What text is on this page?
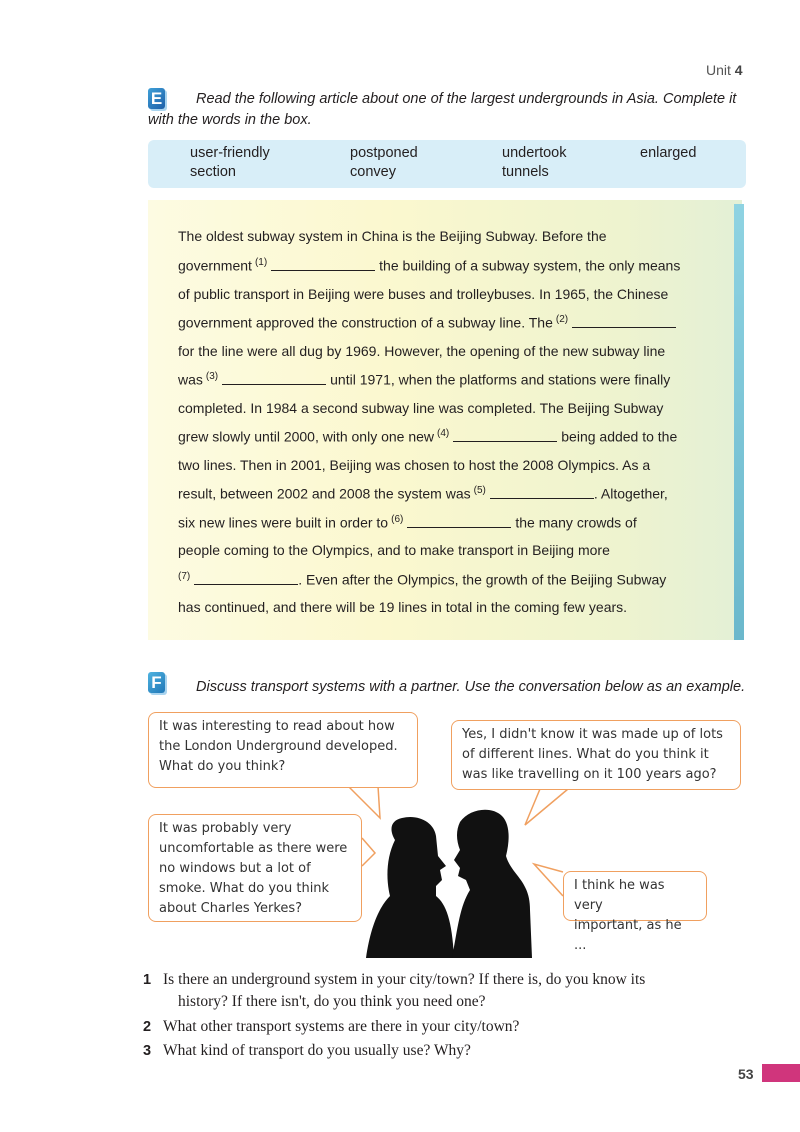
Unit 4
E Read the following article about one of the largest undergrounds in Asia. Complete it
with the words in the box.
user-friendly	postponed	undertook	enlarged
section	convey	tunnels
The oldest subway system in China is the Beijing Subway. Before the
government $^{(1)}$	the building of a subway system, the only means
of public transport in Beijing were buses and trolleybuses. In 1965, the Chinese
government approved the construction of a subway line. The $^{(2)}$
for the line were all dug by 1969. However, the opening of the new subway line
was $^{(3)}$	until 1971, when the platforms and stations were finally
completed. In 1984 a second subway line was completed. The Beijing Subway
grew slowly until 2000, with only one new $^{(4)}$	being added to the
two lines. Then in 2001, Beijing was chosen to host the 2008 Olympics. As a
result, between 2002 and 2008 the system was $^{(5)}$	. Altogether,
six new lines were built in order to $^{(6)}$	the many crowds of
people coming to the Olympics, and to make transport in Beijing more
$^{(7)}$	. Even after the Olympics, the growth of the Beijing Subway
has continued, and there will be 19 lines in total in the coming few years.
F Discuss transport systems with a partner. Use the conversation below as an example.
It was interesting to read about how
the London Underground developed.
What do you think?
Yes, I didn't know it was made up of lots
of different lines. What do you think it
was like travelling on it 100 years ago?
It was probably very
uncomfortable as there were
no windows but a lot of
smoke. What do you think
about Charles Yerkes?
I think he was very
important, as he ...
1 Is there an underground system in your city/town? If there is, do you know its
history? If there isn't, do you think you need one?
2 What other transport systems are there in your city/town?
3 What kind of transport do you usually use? Why?
53
